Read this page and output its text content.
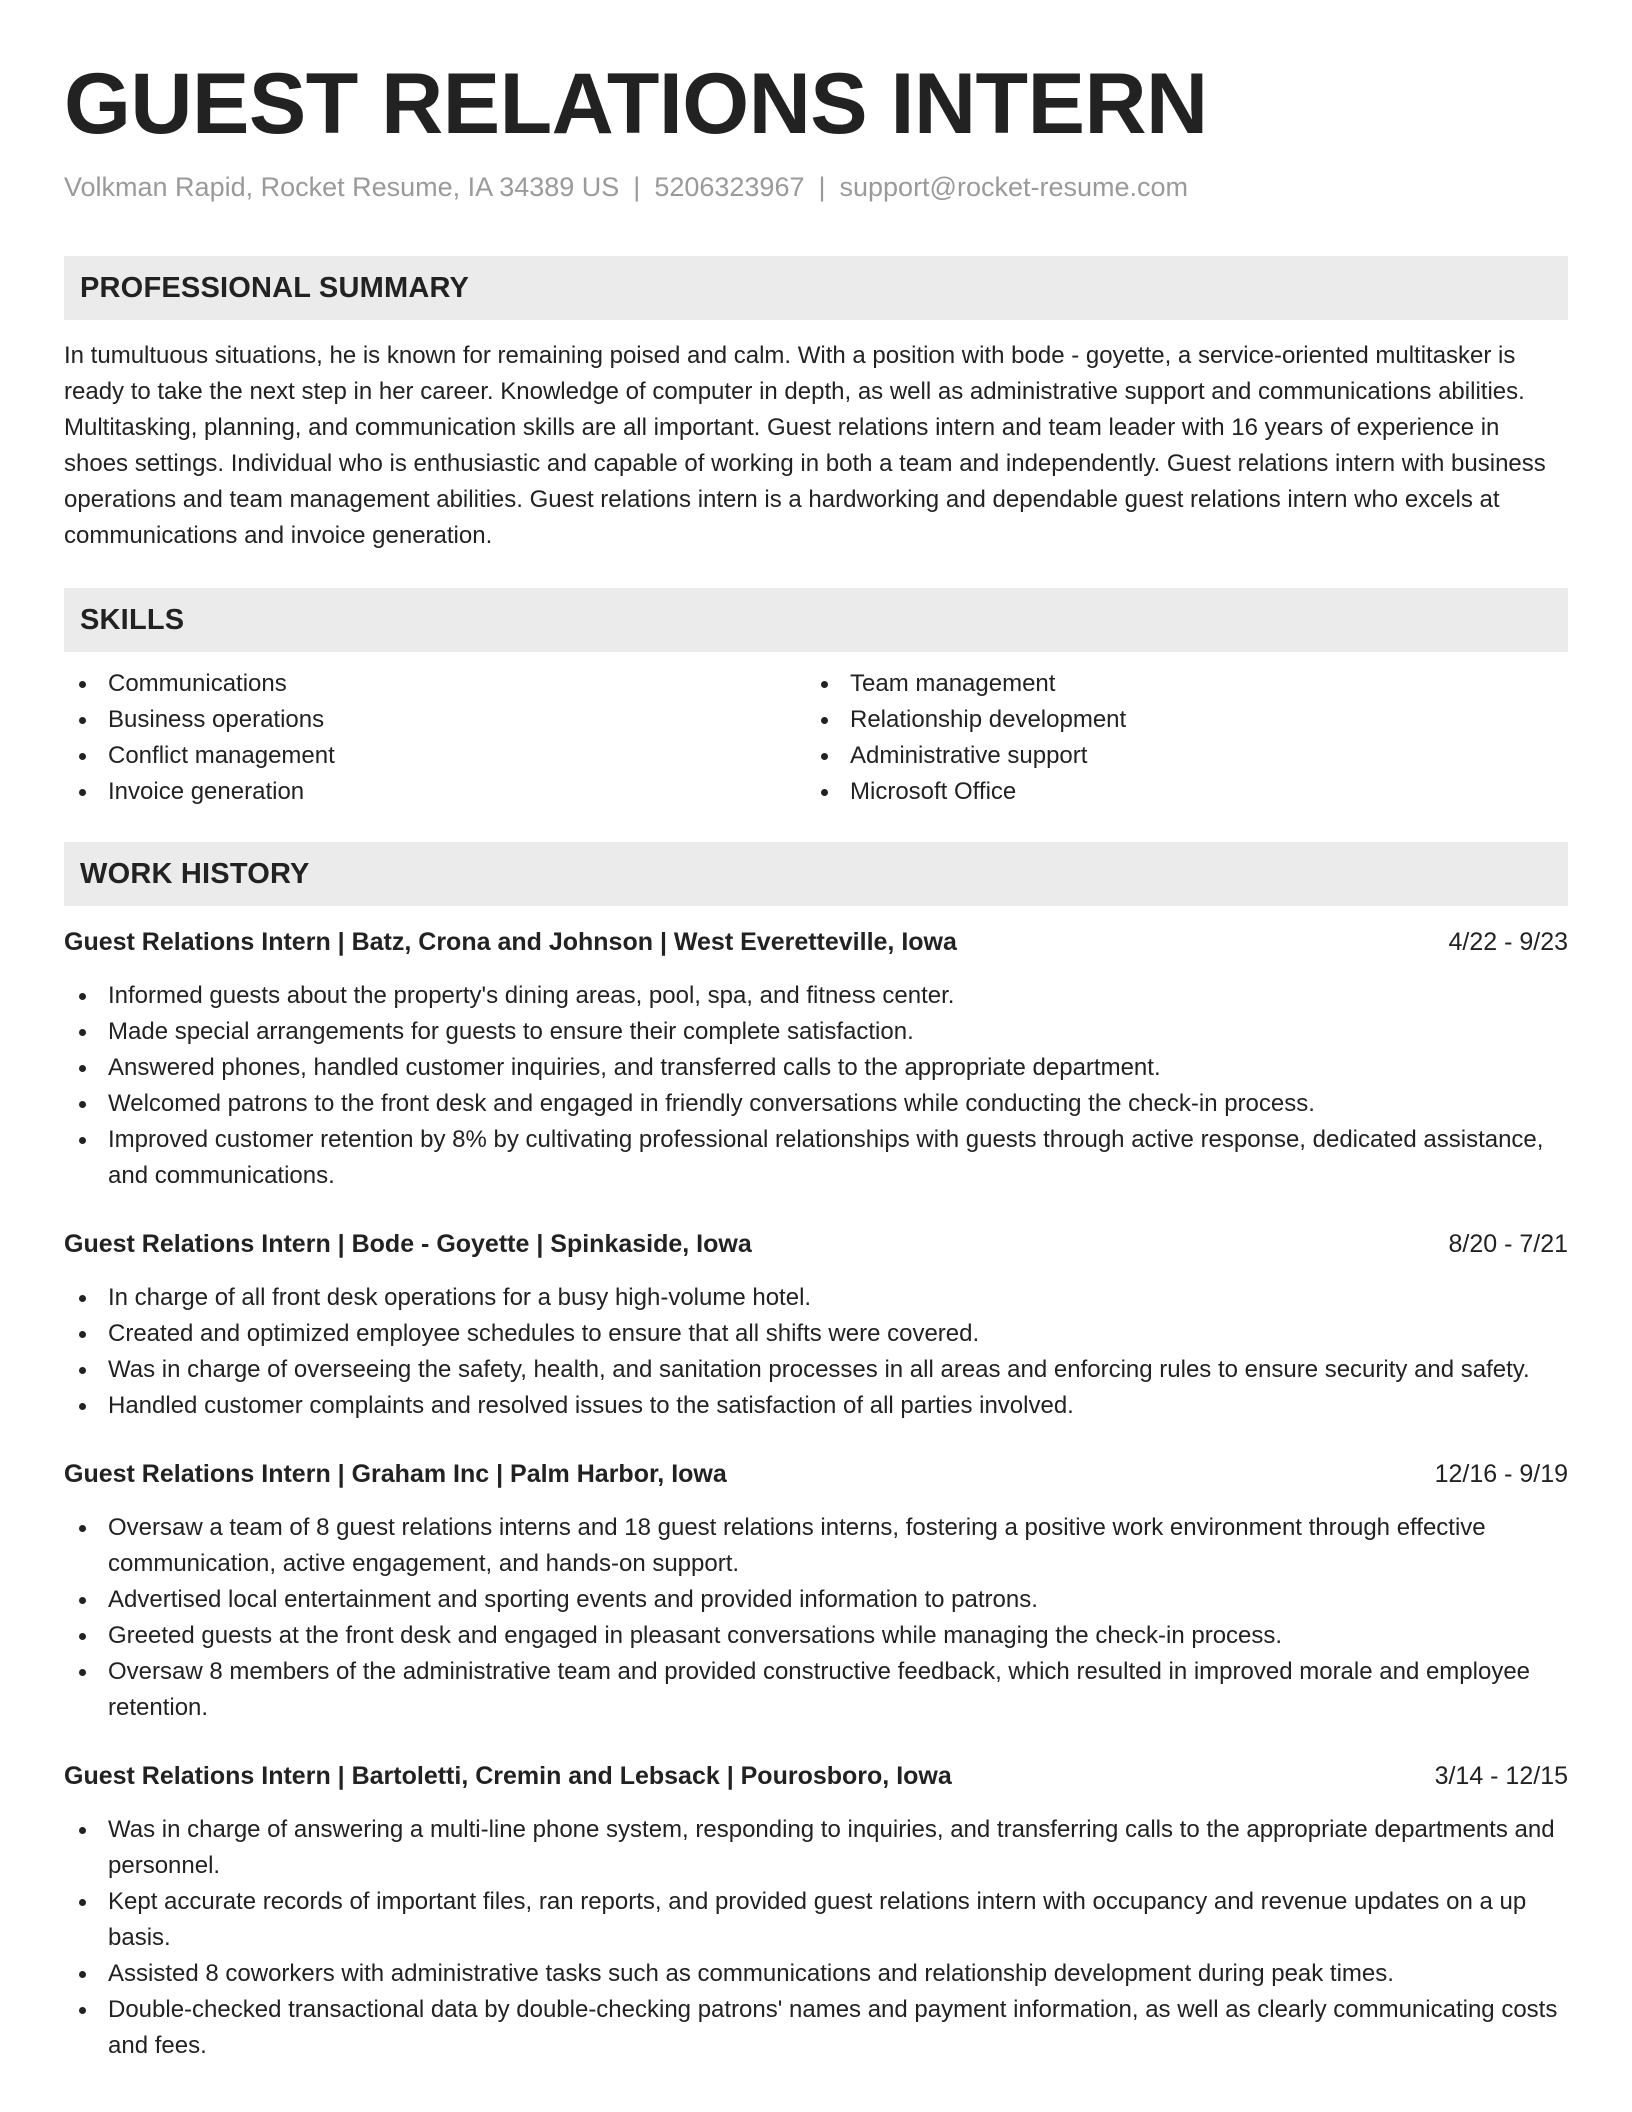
GUEST RELATIONS INTERN
Volkman Rapid, Rocket Resume, IA 34389 US | 5206323967 | support@rocket-resume.com
PROFESSIONAL SUMMARY

In tumultuous situations, he is known for remaining poised and calm. With a position with bode - goyette, a service-oriented multitasker is ready to take the next step in her career. Knowledge of computer in depth, as well as administrative support and communications abilities. Multitasking, planning, and communication skills are all important. Guest relations intern and team leader with 16 years of experience in shoes settings. Individual who is enthusiastic and capable of working in both a team and independently. Guest relations intern with business operations and team management abilities. Guest relations intern is a hardworking and dependable guest relations intern who excels at communications and invoice generation.

SKILLS
Communications
Business operations
Conflict management
Invoice generation
Team management
Relationship development
Administrative support
Microsoft Office
WORK HISTORY
Guest Relations Intern | Batz, Crona and Johnson | West Everetteville, Iowa	4/22 - 9/23
Informed guests about the property's dining areas, pool, spa, and fitness center.
Made special arrangements for guests to ensure their complete satisfaction.
Answered phones, handled customer inquiries, and transferred calls to the appropriate department.
Welcomed patrons to the front desk and engaged in friendly conversations while conducting the check-in process.
Improved customer retention by 8% by cultivating professional relationships with guests through active response, dedicated assistance, and communications.
Guest Relations Intern | Bode - Goyette | Spinkaside, Iowa	8/20 - 7/21
In charge of all front desk operations for a busy high-volume hotel.
Created and optimized employee schedules to ensure that all shifts were covered.
Was in charge of overseeing the safety, health, and sanitation processes in all areas and enforcing rules to ensure security and safety.
Handled customer complaints and resolved issues to the satisfaction of all parties involved.
Guest Relations Intern | Graham Inc | Palm Harbor, Iowa	12/16 - 9/19
Oversaw a team of 8 guest relations interns and 18 guest relations interns, fostering a positive work environment through effective communication, active engagement, and hands-on support.
Advertised local entertainment and sporting events and provided information to patrons.
Greeted guests at the front desk and engaged in pleasant conversations while managing the check-in process.
Oversaw 8 members of the administrative team and provided constructive feedback, which resulted in improved morale and employee retention.
Guest Relations Intern | Bartoletti, Cremin and Lebsack | Pourosboro, Iowa	3/14 - 12/15
Was in charge of answering a multi-line phone system, responding to inquiries, and transferring calls to the appropriate departments and personnel.
Kept accurate records of important files, ran reports, and provided guest relations intern with occupancy and revenue updates on a up basis.
Assisted 8 coworkers with administrative tasks such as communications and relationship development during peak times.
Double-checked transactional data by double-checking patrons' names and payment information, as well as clearly communicating costs and fees.
